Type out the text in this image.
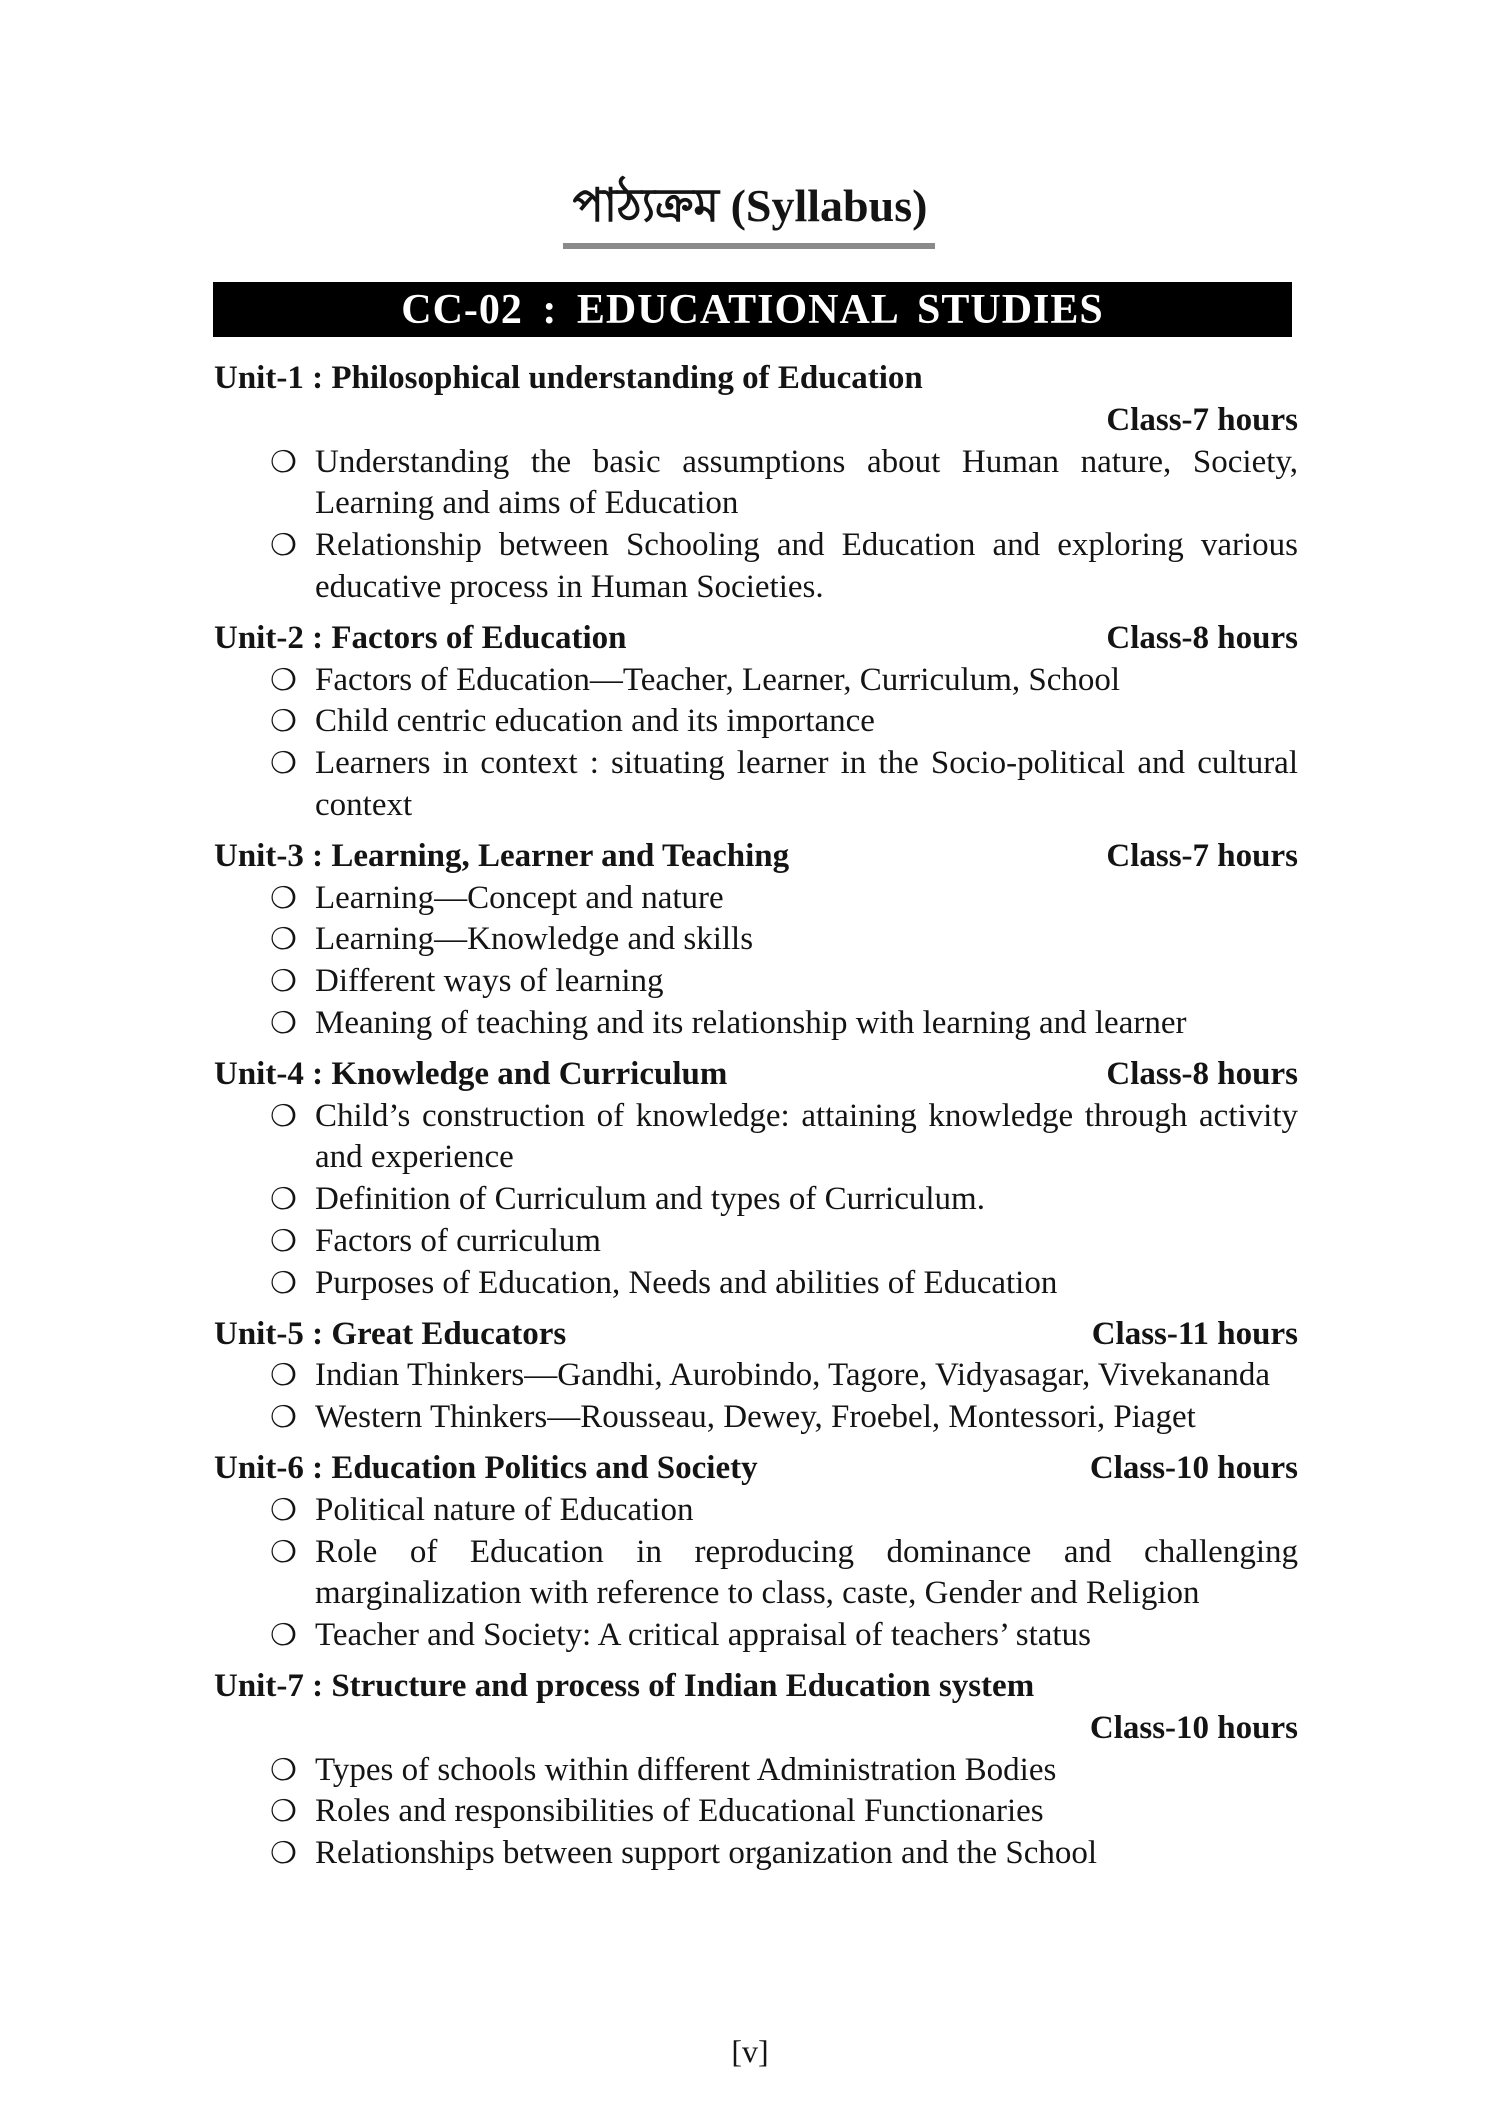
পাঠ্যক্রম (Syllabus)
CC-02 : EDUCATIONAL STUDIES
Unit-1 : Philosophical understanding of Education
Class-7 hours
❍ Understanding the basic assumptions about Human nature, Society, Learning and aims of Education
❍ Relationship between Schooling and Education and exploring various educative process in Human Societies.
Unit-2 : Factors of Education	Class-8 hours
❍ Factors of Education—Teacher, Learner, Curriculum, School
❍ Child centric education and its importance
❍ Learners in context : situating learner in the Socio-political and cultural context
Unit-3 : Learning, Learner and Teaching	Class-7 hours
❍ Learning—Concept and nature
❍ Learning—Knowledge and skills
❍ Different ways of learning
❍ Meaning of teaching and its relationship with learning and learner
Unit-4 : Knowledge and Curriculum	Class-8 hours
❍ Child’s construction of knowledge: attaining knowledge through activity and experience
❍ Definition of Curriculum and types of Curriculum.
❍ Factors of curriculum
❍ Purposes of Education, Needs and abilities of Education
Unit-5 : Great Educators	Class-11 hours
❍ Indian Thinkers—Gandhi, Aurobindo, Tagore, Vidyasagar, Vivekananda
❍ Western Thinkers—Rousseau, Dewey, Froebel, Montessori, Piaget
Unit-6 : Education Politics and Society	Class-10 hours
❍ Political nature of Education
❍ Role of Education in reproducing dominance and challenging marginalization with reference to class, caste, Gender and Religion
❍ Teacher and Society: A critical appraisal of teachers’ status
Unit-7 : Structure and process of Indian Education system
Class-10 hours
❍ Types of schools within different Administration Bodies
❍ Roles and responsibilities of Educational Functionaries
❍ Relationships between support organization and the School
[v]
